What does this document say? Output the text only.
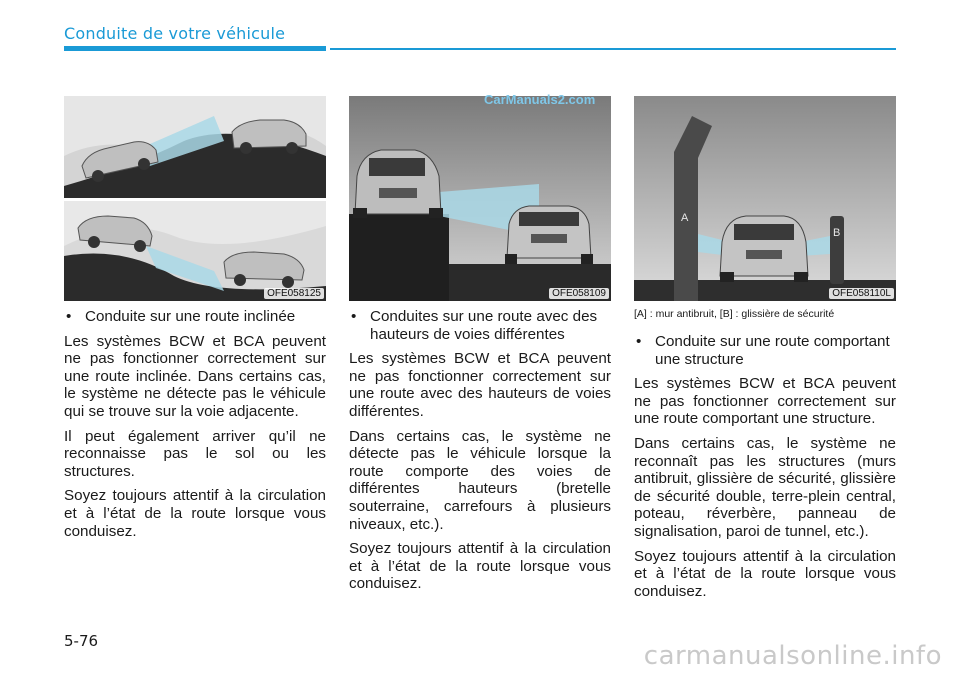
Conduite de votre véhicule
OFE058125	OFE058109
A
B
OFE058110L
CarManuals2.com
• Conduite sur une route inclinée

Les systèmes BCW et BCA peuvent ne pas fonctionner correctement sur une route inclinée. Dans certains cas, le système ne détecte pas le véhicule qui se trouve sur la voie adjacente.

Il peut également arriver qu’il ne reconnaisse pas le sol ou les structures.

Soyez toujours attentif à la circulation et à l’état de la route lorsque vous conduisez.

• Conduites sur une route avec des hauteurs de voies différentes

Les systèmes BCW et BCA peuvent ne pas fonctionner correctement sur une route avec des hauteurs de voies différentes.

Dans certains cas, le système ne détecte pas le véhicule lorsque la route comporte des voies de différentes hauteurs (bretelle souterraine, carrefours à plusieurs niveaux, etc.).

Soyez toujours attentif à la circulation et à l’état de la route lorsque vous conduisez.

[A] : mur antibruit, [B] : glissière de sécurité
• Conduite sur une route comportant une structure

Les systèmes BCW et BCA peuvent ne pas fonctionner correctement sur une route comportant une structure.

Dans certains cas, le système ne reconnaît pas les structures (murs antibruit, glissière de sécurité, glissière de sécurité double, terre-plein central, poteau, réverbère, panneau de signalisation, paroi de tunnel, etc.).

Soyez toujours attentif à la circulation et à l’état de la route lorsque vous conduisez.

5-76	carmanualsonline.info
